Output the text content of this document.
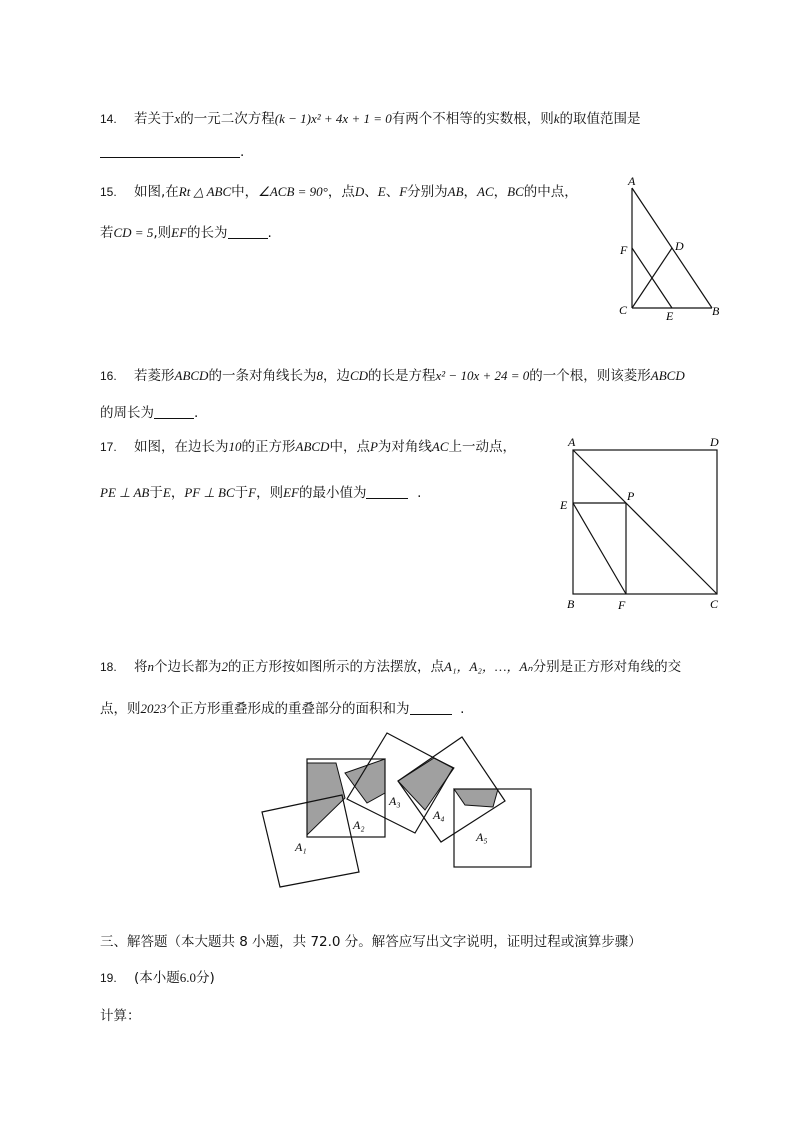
14. 若关于x的一元二次方程(k − 1)x² + 4x + 1 = 0有两个不相等的实数根，则k的取值范围是
.
15. 如图,在Rt △ ABC中，∠ACB = 90°，点D、E、F分别为AB，AC，BC的中点，
若CD = 5,则EF的长为	.
A
D
F
C	E	B
16. 若菱形ABCD的一条对角线长为8，边CD的长是方程x² − 10x + 24 = 0的一个根，则该菱形ABCD
的周长为	.
17. 如图，在边长为10的正方形ABCD中，点P为对角线AC上一动点，
PE ⊥ AB于E，PF ⊥ BC于F，则EF的最小值为	.
A	D
E
P
B	F	C
18. 将n个边长都为2的正方形按如图所示的方法摆放，点A₁，A₂，…，Aₙ分别是正方形对角线的交
点，则2023个正方形重叠形成的重叠部分的面积和为	.
A₁
A₂
A₃
A₄
A₅
三、解答题（本大题共 8 小题，共 72.0 分。解答应写出文字说明，证明过程或演算步骤）
19. (本小题6.0分)
计算：
